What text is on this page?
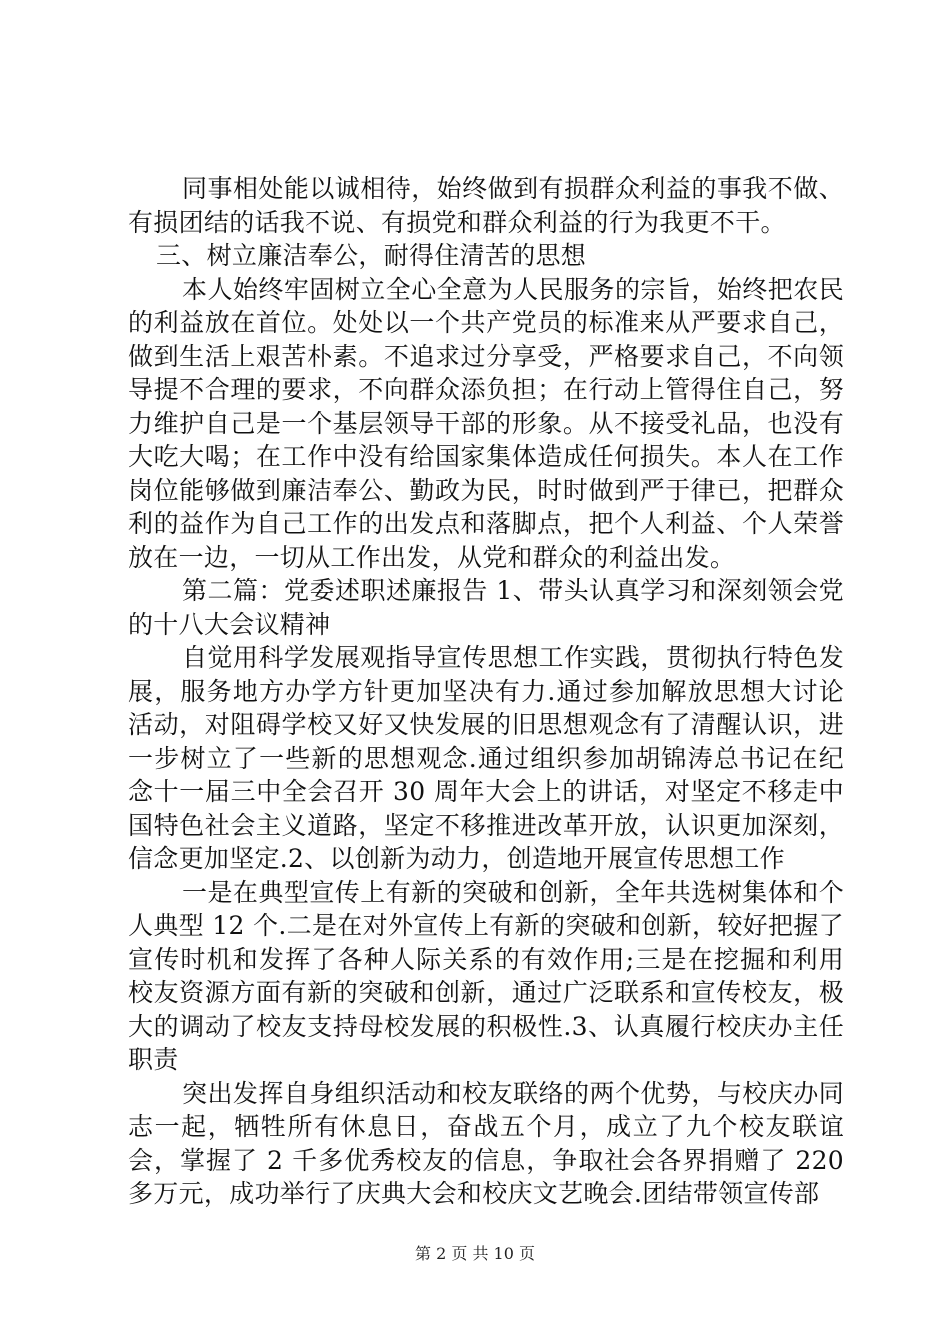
同事相处能以诚相待，始终做到有损群众利益的事我不做、有损团结的话我不说、有损党和群众利益的行为我更不干。

三、树立廉洁奉公，耐得住清苦的思想

本人始终牢固树立全心全意为人民服务的宗旨，始终把农民的利益放在首位。处处以一个共产党员的标准来从严要求自己，做到生活上艰苦朴素。不追求过分享受，严格要求自己，不向领导提不合理的要求，不向群众添负担；在行动上管得住自己，努力维护自己是一个基层领导干部的形象。从不接受礼品，也没有大吃大喝；在工作中没有给国家集体造成任何损失。本人在工作岗位能够做到廉洁奉公、勤政为民，时时做到严于律已，把群众利的益作为自己工作的出发点和落脚点，把个人利益、个人荣誉放在一边，一切从工作出发，从党和群众的利益出发。

第二篇：党委述职述廉报告 1、带头认真学习和深刻领会党的十八大会议精神

自觉用科学发展观指导宣传思想工作实践，贯彻执行特色发展，服务地方办学方针更加坚决有力.通过参加解放思想大讨论活动，对阻碍学校又好又快发展的旧思想观念有了清醒认识，进一步树立了一些新的思想观念.通过组织参加胡锦涛总书记在纪念十一届三中全会召开 30 周年大会上的讲话，对坚定不移走中国特色社会主义道路，坚定不移推进改革开放，认识更加深刻，信念更加坚定.2、以创新为动力，创造地开展宣传思想工作

一是在典型宣传上有新的突破和创新，全年共选树集体和个人典型 12 个.二是在对外宣传上有新的突破和创新，较好把握了宣传时机和发挥了各种人际关系的有效作用;三是在挖掘和利用校友资源方面有新的突破和创新，通过广泛联系和宣传校友，极大的调动了校友支持母校发展的积极性.3、认真履行校庆办主任职责

突出发挥自身组织活动和校友联络的两个优势，与校庆办同志一起，牺牲所有休息日，奋战五个月，成立了九个校友联谊会，掌握了 2 千多优秀校友的信息，争取社会各界捐赠了 220 多万元，成功举行了庆典大会和校庆文艺晚会.团结带领宣传部

第 2 页 共 10 页
